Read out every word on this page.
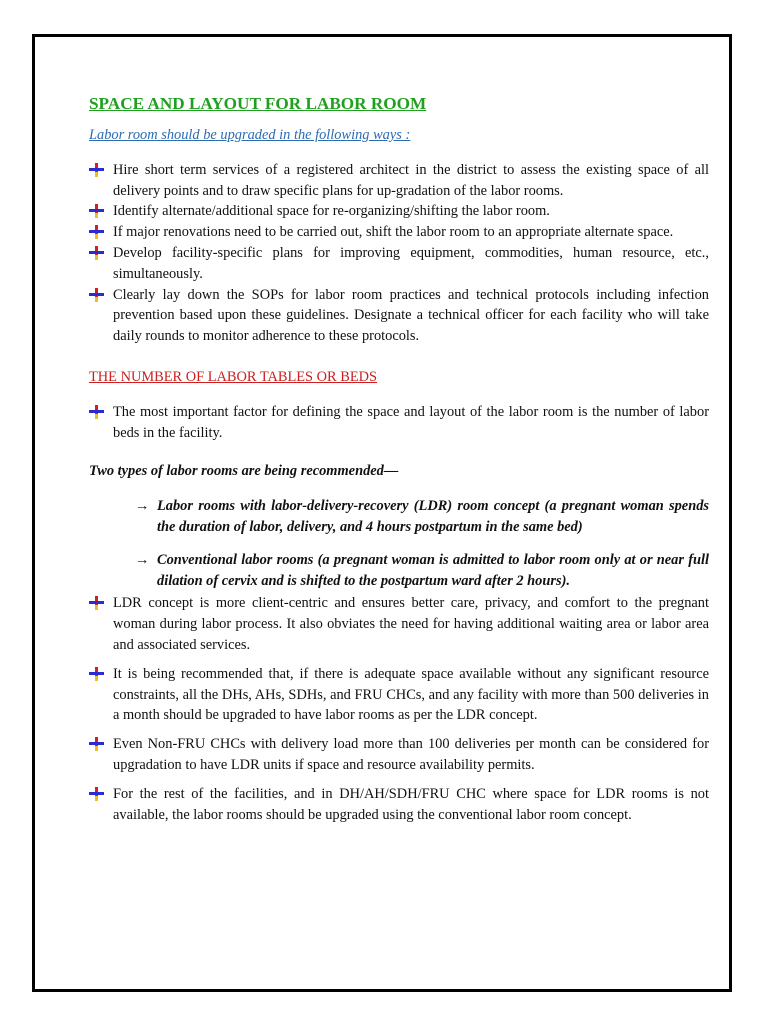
SPACE AND LAYOUT FOR LABOR ROOM
Labor room should be upgraded in the following ways :
Hire short term services of a registered architect in the district to assess the existing space of all delivery points and to draw specific plans for up-gradation of the labor rooms.
Identify alternate/additional space for re-organizing/shifting the labor room.
If major renovations need to be carried out, shift the labor room to an appropriate alternate space.
Develop facility-specific plans for improving equipment, commodities, human resource, etc., simultaneously.
Clearly lay down the SOPs for labor room practices and technical protocols including infection prevention based upon these guidelines. Designate a technical officer for each facility who will take daily rounds to monitor adherence to these protocols.
THE NUMBER OF LABOR TABLES OR BEDS
The most important factor for defining the space and layout of the labor room is the number of labor beds in the facility.
Two types of labor rooms are being recommended—
→ Labor rooms with labor-delivery-recovery (LDR) room concept (a pregnant woman spends the duration of labor, delivery, and 4 hours postpartum in the same bed)
→ Conventional labor rooms (a pregnant woman is admitted to labor room only at or near full dilation of cervix and is shifted to the postpartum ward after 2 hours).
LDR concept is more client-centric and ensures better care, privacy, and comfort to the pregnant woman during labor process. It also obviates the need for having additional waiting area or labor area and associated services.
It is being recommended that, if there is adequate space available without any significant resource constraints, all the DHs, AHs, SDHs, and FRU CHCs, and any facility with more than 500 deliveries in a month should be upgraded to have labor rooms as per the LDR concept.
Even Non-FRU CHCs with delivery load more than 100 deliveries per month can be considered for upgradation to have LDR units if space and resource availability permits.
For the rest of the facilities, and in DH/AH/SDH/FRU CHC where space for LDR rooms is not available, the labor rooms should be upgraded using the conventional labor room concept.
